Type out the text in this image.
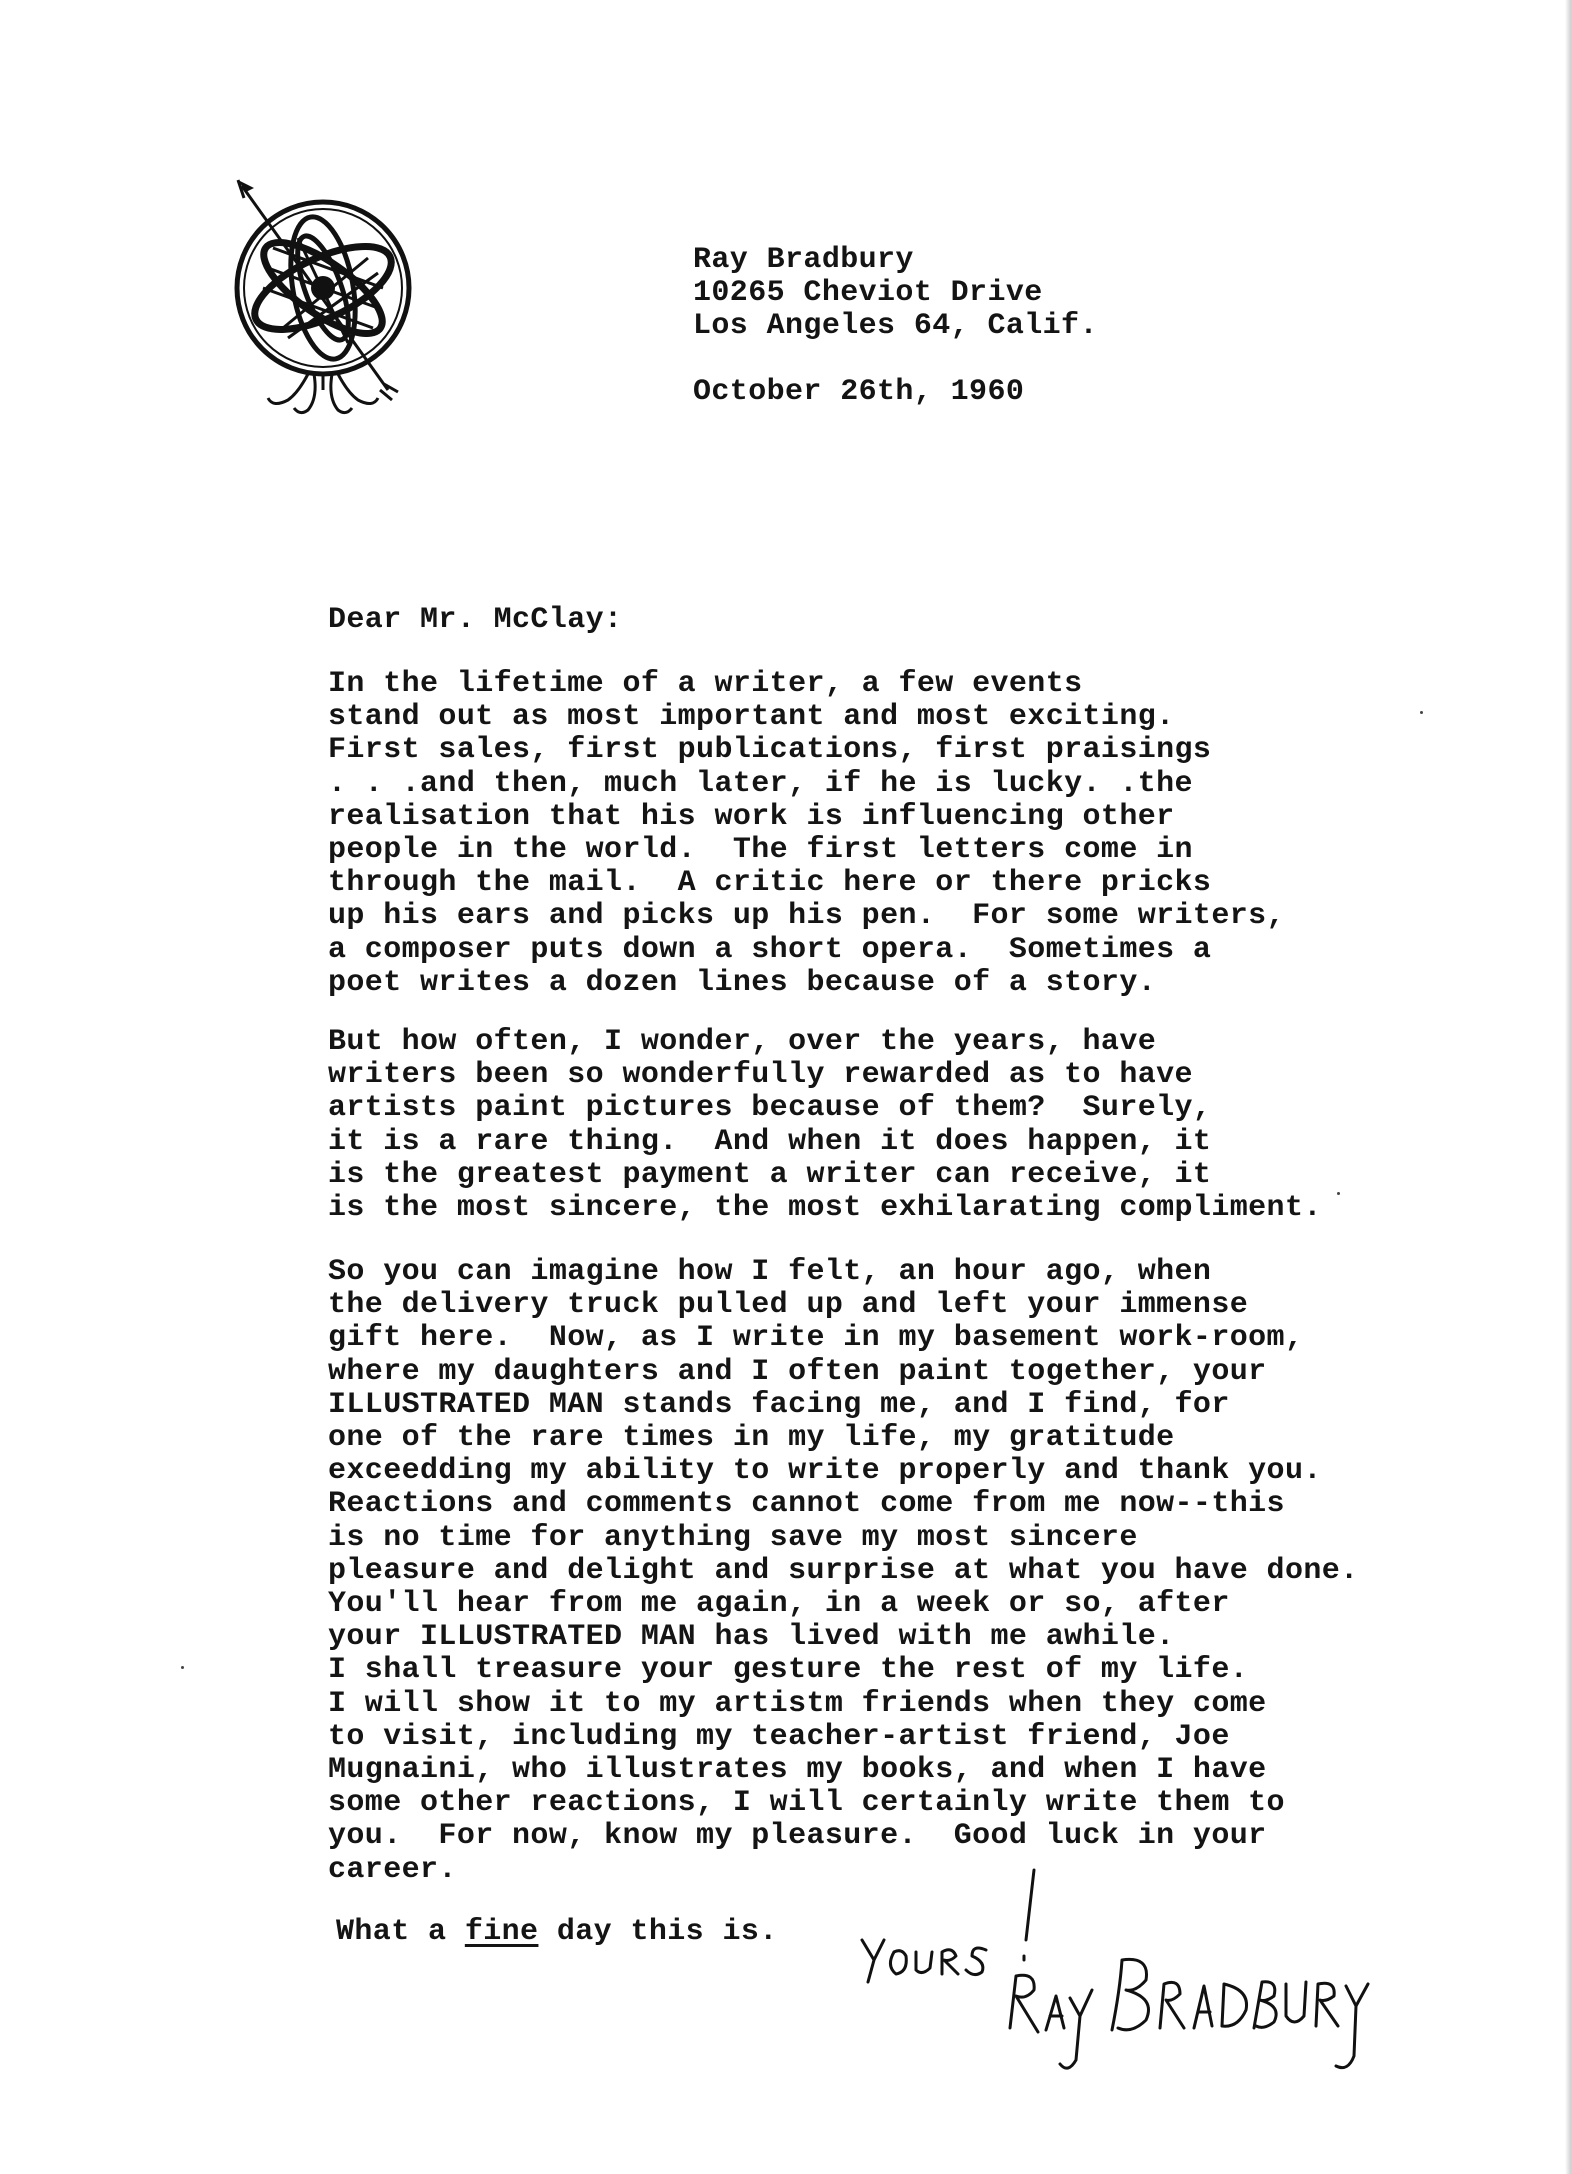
Ray Bradbury

10265 Cheviot Drive

Los Angeles 64, Calif.

October 26th, 1960

Dear Mr. McClay:

In the lifetime of a writer, a few events

stand out as most important and most exciting.

First sales, first publications, first praisings

. . .and then, much later, if he is lucky. .the

realisation that his work is influencing other

people in the world.  The first letters come in

through the mail.  A critic here or there pricks

up his ears and picks up his pen.  For some writers,

a composer puts down a short opera.  Sometimes a

poet writes a dozen lines because of a story.

But how often, I wonder, over the years, have

writers been so wonderfully rewarded as to have

artists paint pictures because of them?  Surely,

it is a rare thing.  And when it does happen, it

is the greatest payment a writer can receive, it

is the most sincere, the most exhilarating compliment.

So you can imagine how I felt, an hour ago, when

the delivery truck pulled up and left your immense

gift here.  Now, as I write in my basement work-room,

where my daughters and I often paint together, your

ILLUSTRATED MAN stands facing me, and I find, for

one of the rare times in my life, my gratitude

exceedding my ability to write properly and thank you.

Reactions and comments cannot come from me now--this

is no time for anything save my most sincere

pleasure and delight and surprise at what you have done.

You'll hear from me again, in a week or so, after

your ILLUSTRATED MAN has lived with me awhile.

I shall treasure your gesture the rest of my life.

I will show it to my artistm friends when they come

to visit, including my teacher-artist friend, Joe

Mugnaini, who illustrates my books, and when I have

some other reactions, I will certainly write them to

you.  For now, know my pleasure.  Good luck in your

career.

What a fine day this is.
